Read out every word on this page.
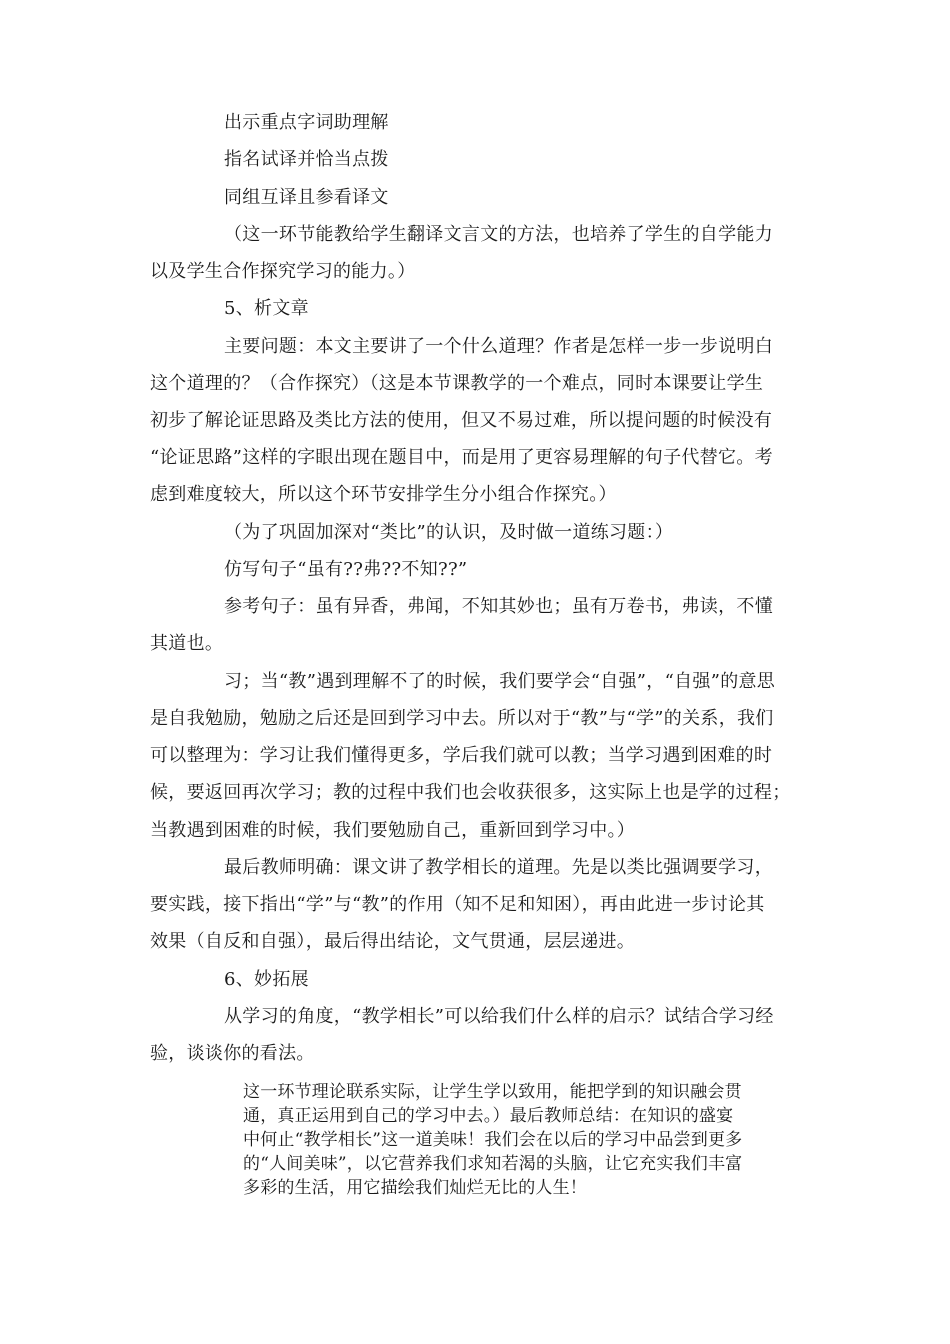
出示重点字词助理解
指名试译并恰当点拨
同组互译且参看译文
（这一环节能教给学生翻译文言文的方法，也培养了学生的自学能力
以及学生合作探究学习的能力。）
5、析文章
主要问题：本文主要讲了一个什么道理？作者是怎样一步一步说明白
这个道理的？（合作探究）（这是本节课教学的一个难点，同时本课要让学生
初步了解论证思路及类比方法的使用，但又不易过难，所以提问题的时候没有
“论证思路”这样的字眼出现在题目中，而是用了更容易理解的句子代替它。考
虑到难度较大，所以这个环节安排学生分小组合作探究。）
（为了巩固加深对“类比”的认识，及时做一道练习题：）
仿写句子“虽有??弗??不知??”
参考句子：虽有异香，弗闻，不知其妙也；虽有万卷书，弗读，不懂
其道也。
习；当“教”遇到理解不了的时候，我们要学会“自强”，“自强”的意思
是自我勉励，勉励之后还是回到学习中去。所以对于“教”与“学”的关系，我们
可以整理为：学习让我们懂得更多，学后我们就可以教；当学习遇到困难的时
候，要返回再次学习；教的过程中我们也会收获很多，这实际上也是学的过程；
当教遇到困难的时候，我们要勉励自己，重新回到学习中。）
最后教师明确：课文讲了教学相长的道理。先是以类比强调要学习，
要实践，接下指出“学”与“教”的作用（知不足和知困），再由此进一步讨论其
效果（自反和自强），最后得出结论，文气贯通，层层递进。
6、妙拓展
从学习的角度，“教学相长”可以给我们什么样的启示？试结合学习经
验，谈谈你的看法。
这一环节理论联系实际，让学生学以致用，能把学到的知识融会贯
通，真正运用到自己的学习中去。）最后教师总结：在知识的盛宴
中何止“教学相长”这一道美味！我们会在以后的学习中品尝到更多
的“人间美味”，以它营养我们求知若渴的头脑，让它充实我们丰富
多彩的生活，用它描绘我们灿烂无比的人生！
